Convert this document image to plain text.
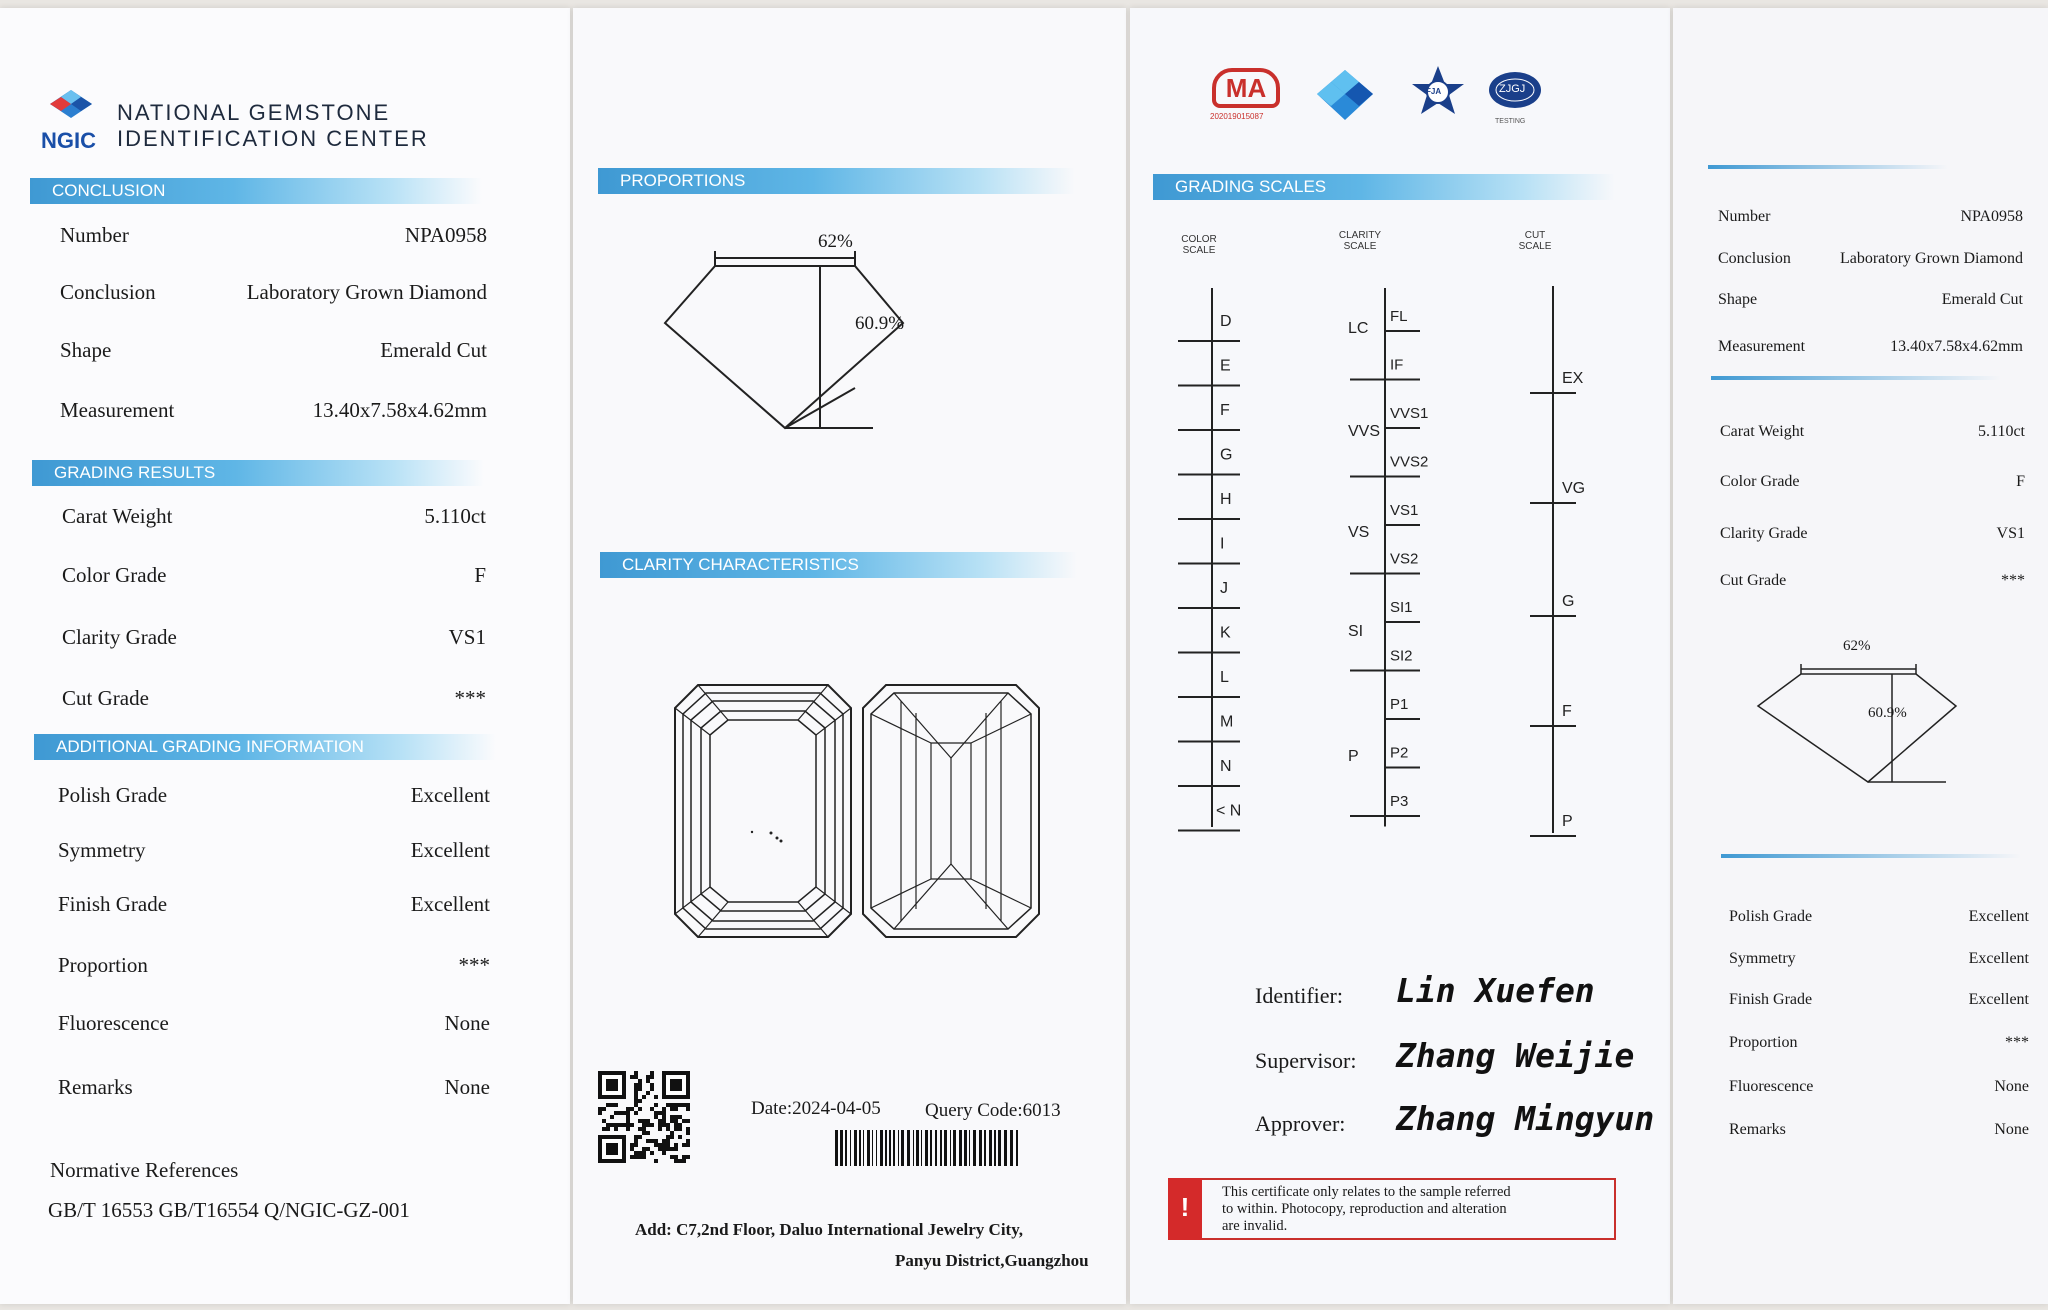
NGIC
NATIONAL GEMSTONE
IDENTIFICATION CENTER
CONCLUSION
Number	NPA0958
Conclusion	Laboratory Grown Diamond
Shape	Emerald Cut
Measurement	13.40x7.58x4.62mm
GRADING RESULTS
Carat Weight	5.110ct
Color Grade	F
Clarity Grade	VS1
Cut Grade	***
ADDITIONAL GRADING INFORMATION
Polish Grade	Excellent
Symmetry	Excellent
Finish Grade	Excellent
Proportion	***
Fluorescence	None
Remarks	None
Normative References
GB/T 16553 GB/T16554 Q/NGIC-GZ-001
PROPORTIONS
62%
60.9%
CLARITY CHARACTERISTICS
Date:2024-04-05 Query Code:6013
Add: C7,2nd Floor, Daluo International Jewelry City,
Panyu District,Guangzhou
MA
202019015087
FJA	ZJGJ
TESTING
GRADING SCALES
COLOR
SCALE
CLARITY
SCALE
CUT
SCALE
D
E
F
G
H
I
J
K
L
M
N
< N
FL
IF
VVS1
VVS2
VS1
VS2
SI1
SI2
P1
P2
P3
LC
VVS
VS
SI
P
EX
VG
G
F
P
Identifier: Lin Xuefen
Supervisor: Zhang Weijie
Approver: Zhang Mingyun
!	This certificate only relates to the sample referred
to within. Photocopy, reproduction and alteration
are invalid.
Number	NPA0958
Conclusion	Laboratory Grown Diamond
Shape	Emerald Cut
Measurement	13.40x7.58x4.62mm
Carat Weight	5.110ct
Color Grade	F
Clarity Grade	VS1
Cut Grade	***
62%
60.9%
Polish Grade	Excellent
Symmetry	Excellent
Finish Grade	Excellent
Proportion	***
Fluorescence	None
Remarks	None
